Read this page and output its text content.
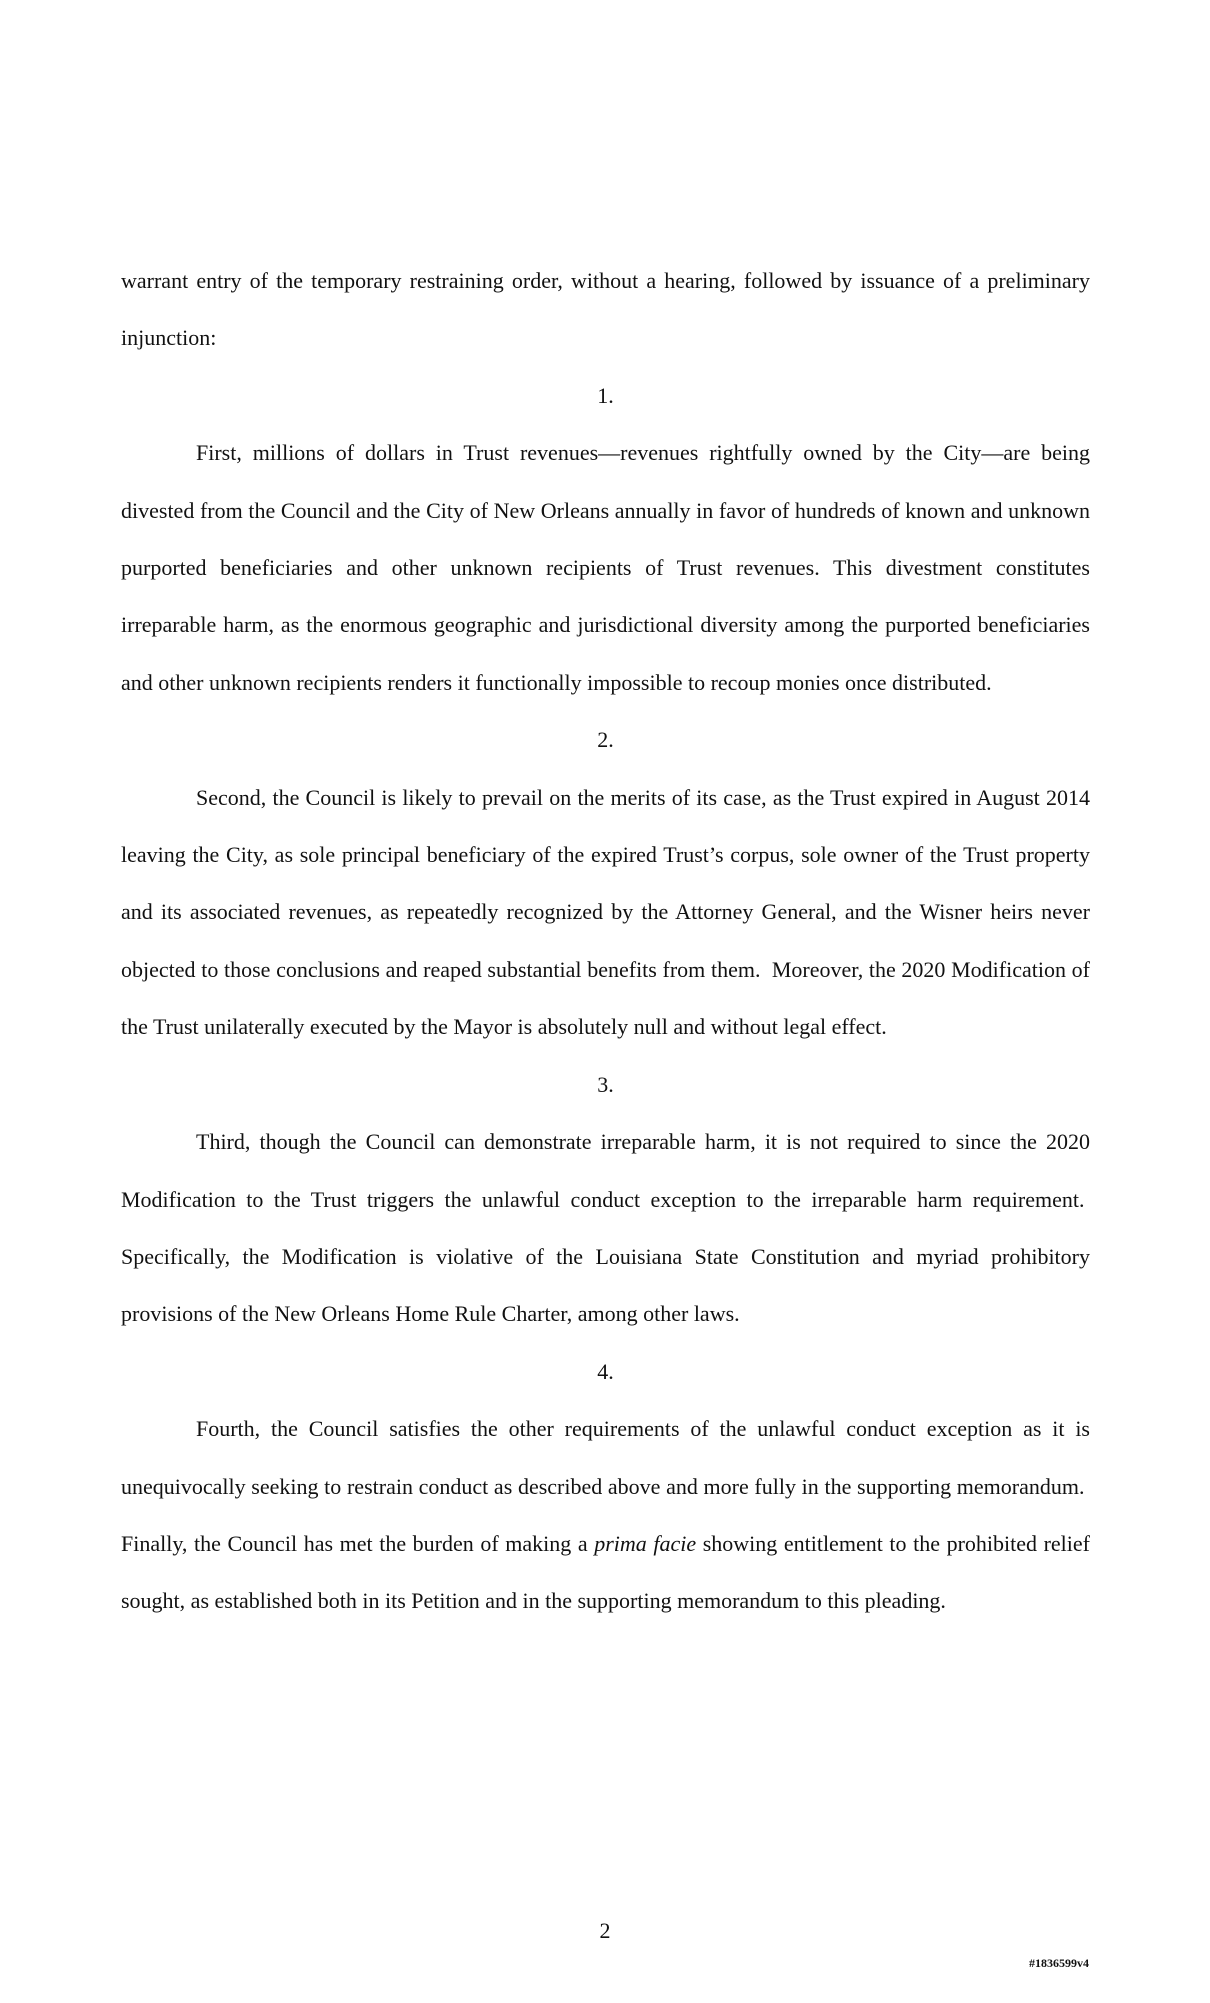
warrant entry of the temporary restraining order, without a hearing, followed by issuance of a preliminary injunction:

1.

First, millions of dollars in Trust revenues—revenues rightfully owned by the City—are being divested from the Council and the City of New Orleans annually in favor of hundreds of known and unknown purported beneficiaries and other unknown recipients of Trust revenues. This divestment constitutes irreparable harm, as the enormous geographic and jurisdictional diversity among the purported beneficiaries and other unknown recipients renders it functionally impossible to recoup monies once distributed.

2.

Second, the Council is likely to prevail on the merits of its case, as the Trust expired in August 2014 leaving the City, as sole principal beneficiary of the expired Trust’s corpus, sole owner of the Trust property and its associated revenues, as repeatedly recognized by the Attorney General, and the Wisner heirs never objected to those conclusions and reaped substantial benefits from them.  Moreover, the 2020 Modification of the Trust unilaterally executed by the Mayor is absolutely null and without legal effect.

3.

Third, though the Council can demonstrate irreparable harm, it is not required to since the 2020 Modification to the Trust triggers the unlawful conduct exception to the irreparable harm requirement.  Specifically, the Modification is violative of the Louisiana State Constitution and myriad prohibitory provisions of the New Orleans Home Rule Charter, among other laws.

4.

Fourth, the Council satisfies the other requirements of the unlawful conduct exception as it is unequivocally seeking to restrain conduct as described above and more fully in the supporting memorandum.  Finally, the Council has met the burden of making a prima facie showing entitlement to the prohibited relief sought, as established both in its Petition and in the supporting memorandum to this pleading.

2
#1836599v4
